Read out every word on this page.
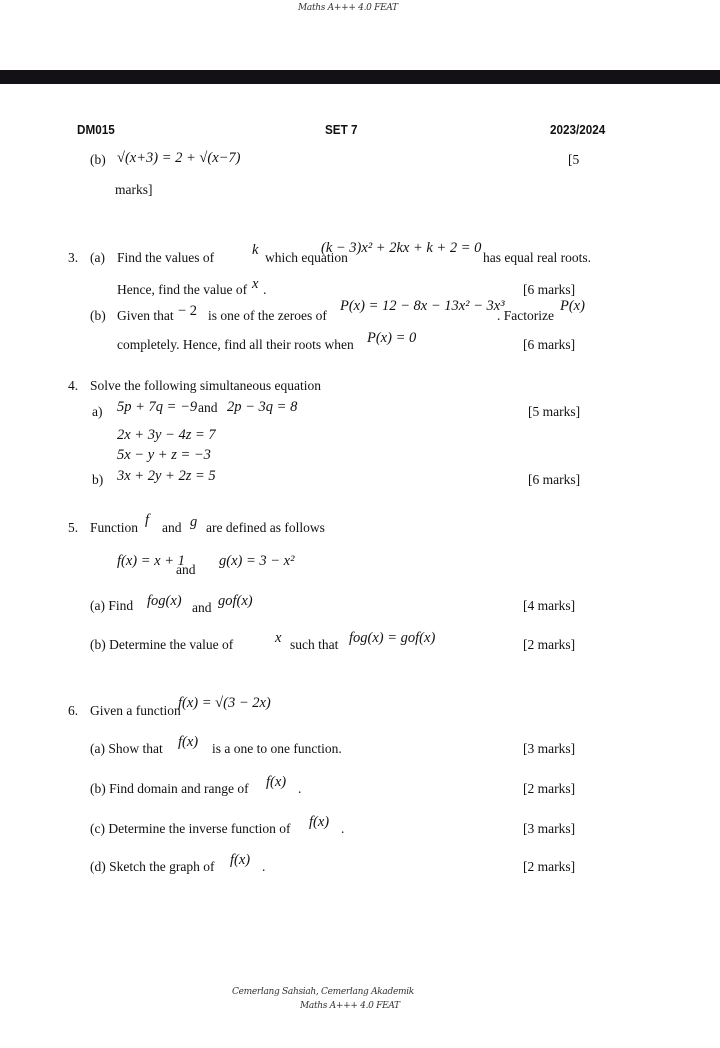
Maths A+++ 4.0 FEAT
DM015	SET 7	2023/2024
(b) √(x+3) = 2 + √(x−7)	[5
marks]
3. (a) Find the values of	k which equation
(k − 3)x² + 2kx + k + 2 = 0
has equal real roots.
Hence, find the value of x .	[6 marks]
(b) Given that − 2 is one of the zeroes of
P(x) = 12 − 8x − 13x² − 3x³
. Factorize
P(x)
completely. Hence, find all their roots when P(x) = 0	[6 marks]
4. Solve the following simultaneous equation
a) 5p + 7q = −9 and 2p − 3q = 8	[5 marks]
2x + 3y − 4z = 7
5x − y + z = −3
b) 3x + 2y + 2z = 5	[6 marks]
5. Function f and g are defined as follows
f(x) = x + 1
and
g(x) = 3 − x²
(a) Find fog(x) and gof(x)	[4 marks]
(b) Determine the value of	x such that fog(x) = gof(x)	[2 marks]
6. Given a function
f(x) = √(3 − 2x)
(a) Show that f(x) is a one to one function.	[3 marks]
(b) Find domain and range of f(x) .	[2 marks]
(c) Determine the inverse function of f(x) .	[3 marks]
(d) Sketch the graph of f(x) .	[2 marks]
Cemerlang Sahsiah, Cemerlang Akademik
Maths A+++ 4.0 FEAT
